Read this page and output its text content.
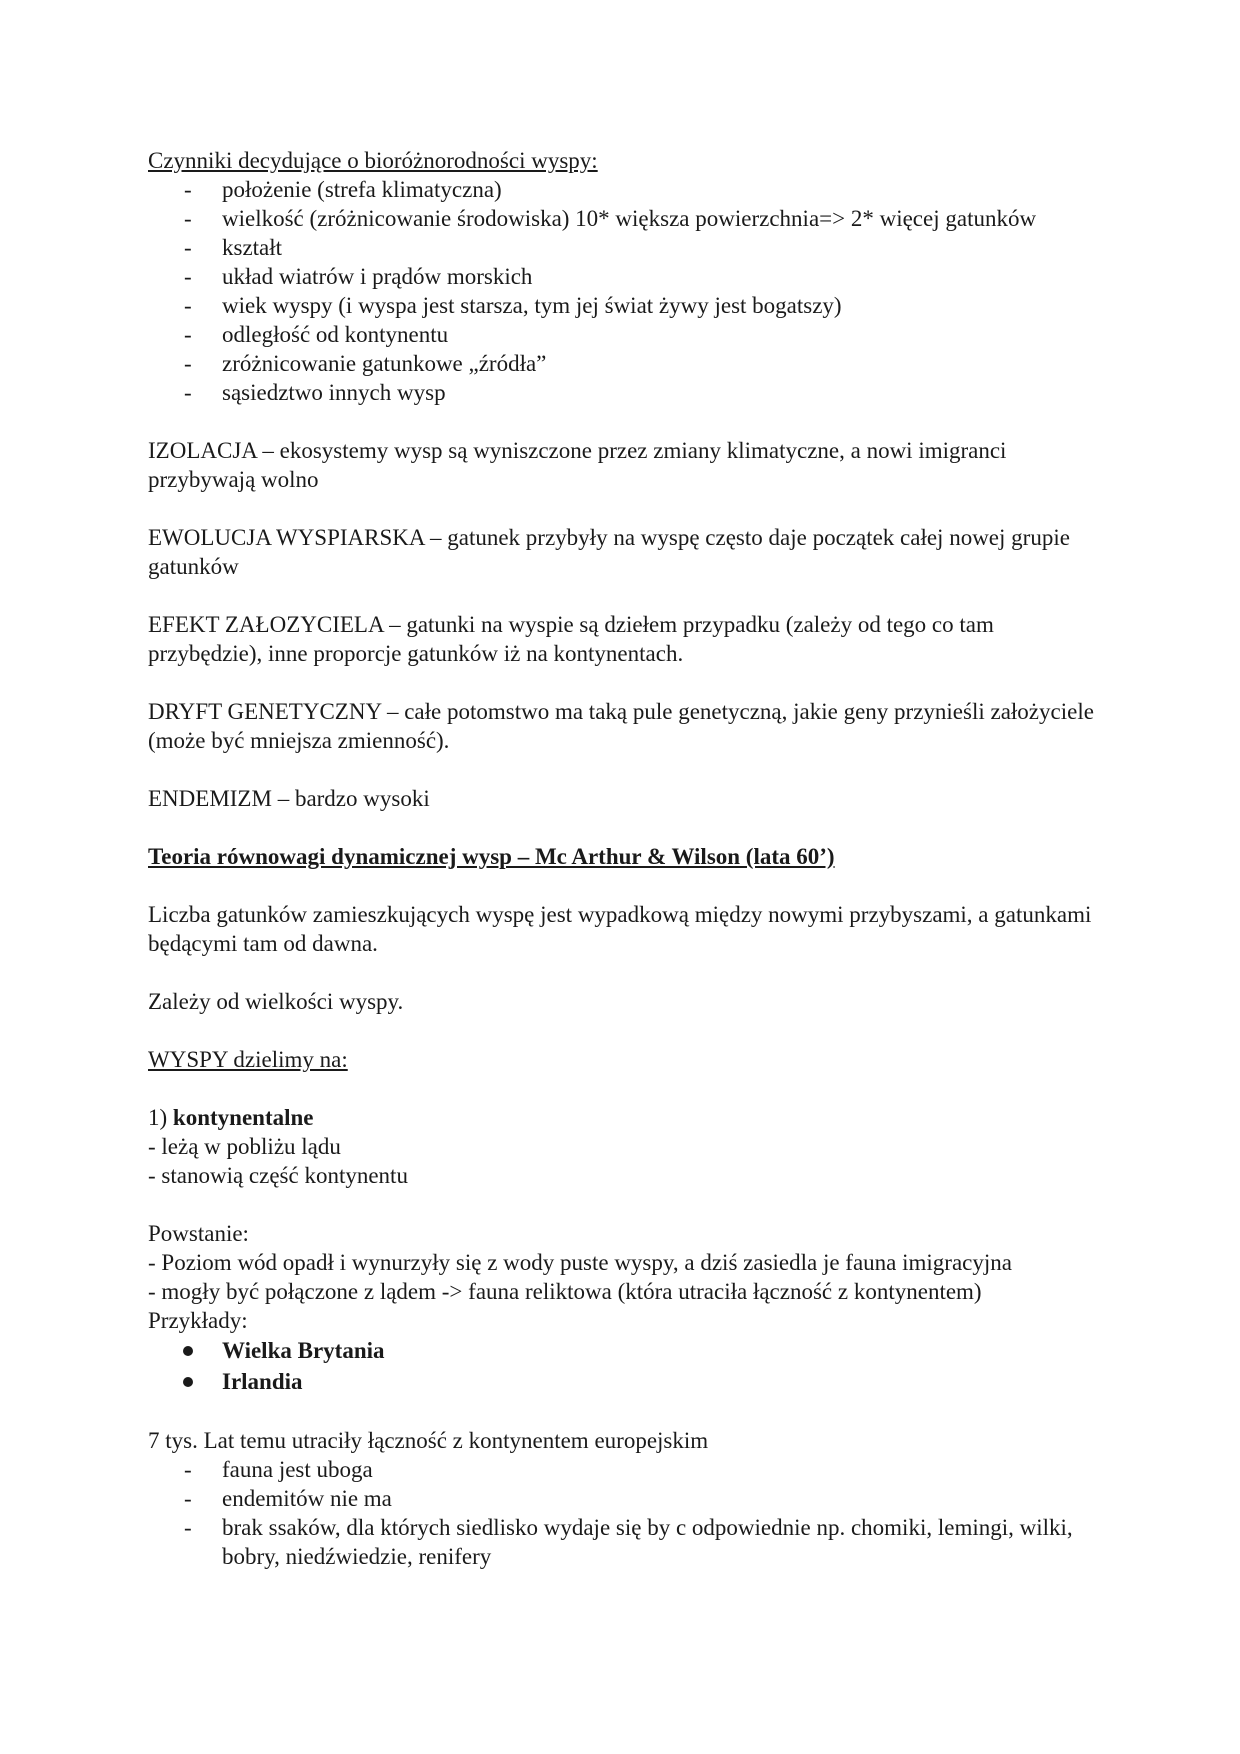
Czynniki decydujące o bioróżnorodności wyspy:

- położenie (strefa klimatyczna)
- wielkość (zróżnicowanie środowiska) 10* większa powierzchnia=> 2* więcej gatunków
- kształt
- układ wiatrów i prądów morskich
- wiek wyspy (i wyspa jest starsza, tym jej świat żywy jest bogatszy)
- odległość od kontynentu
- zróżnicowanie gatunkowe „źródła”
- sąsiedztwo innych wysp

IZOLACJA – ekosystemy wysp są wyniszczone przez zmiany klimatyczne, a nowi imigranci przybywają wolno

EWOLUCJA WYSPIARSKA – gatunek przybyły na wyspę często daje początek całej nowej grupie gatunków

EFEKT ZAŁOZYCIELA – gatunki na wyspie są dziełem przypadku (zależy od tego co tam przybędzie), inne proporcje gatunków iż na kontynentach.

DRYFT GENETYCZNY – całe potomstwo ma taką pule genetyczną, jakie geny przynieśli założyciele (może być mniejsza zmienność).

ENDEMIZM – bardzo wysoki

Teoria równowagi dynamicznej wysp – Mc Arthur & Wilson (lata 60’)

Liczba gatunków zamieszkujących wyspę jest wypadkową między nowymi przybyszami, a gatunkami będącymi tam od dawna.

Zależy od wielkości wyspy.

WYSPY dzielimy na:

1) kontynentalne

- leżą w pobliżu lądu

- stanowią część kontynentu

Powstanie:

- Poziom wód opadł i wynurzyły się z wody puste wyspy, a dziś zasiedla je fauna imigracyjna

- mogły być połączone z lądem -> fauna reliktowa (która utraciła łączność z kontynentem)

Przykłady:

Wielka Brytania
Irlandia

7 tys. Lat temu utraciły łączność z kontynentem europejskim

- fauna jest uboga
- endemitów nie ma
- brak ssaków, dla których siedlisko wydaje się by c odpowiednie np. chomiki, lemingi, wilki, bobry, niedźwiedzie, renifery
